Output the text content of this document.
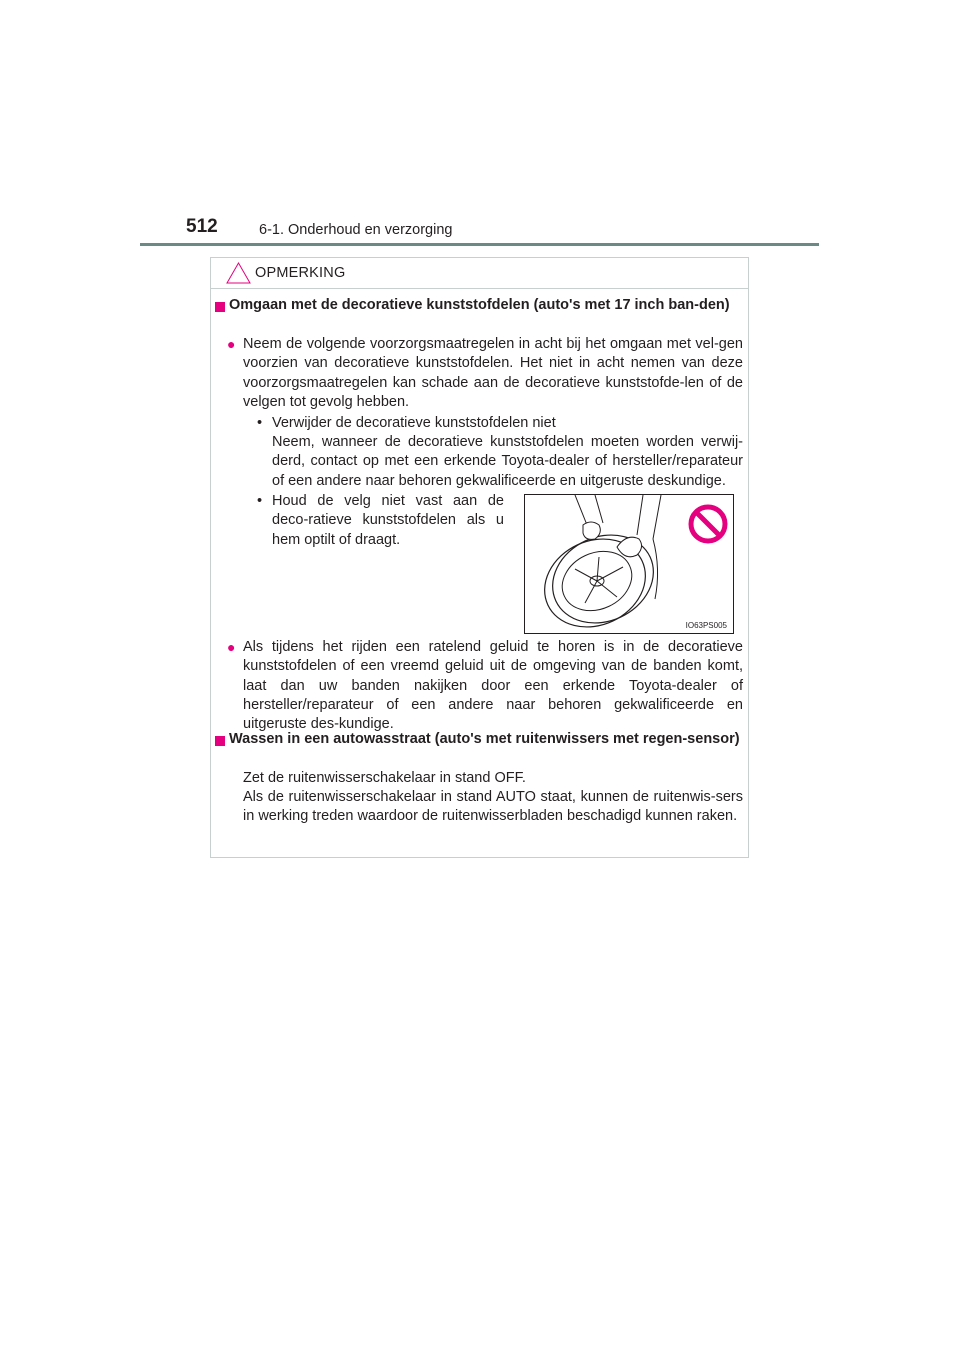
512	6-1. Onderhoud en verzorging
OPMERKING
Omgaan met de decoratieve kunststofdelen (auto's met 17 inch ban-den)
● Neem de volgende voorzorgsmaatregelen in acht bij het omgaan met vel-gen voorzien van decoratieve kunststofdelen. Het niet in acht nemen van deze voorzorgsmaatregelen kan schade aan de decoratieve kunststofde-len of de velgen tot gevolg hebben.
• Verwijder de decoratieve kunststofdelen niet
Neem, wanneer de decoratieve kunststofdelen moeten worden verwij-derd, contact op met een erkende Toyota-dealer of hersteller/reparateur of een andere naar behoren gekwalificeerde en uitgeruste deskundige.
• Houd de velg niet vast aan de deco-ratieve kunststofdelen als u hem optilt of draagt.
IO63PS005
● Als tijdens het rijden een ratelend geluid te horen is in de decoratieve kunststofdelen of een vreemd geluid uit de omgeving van de banden komt, laat dan uw banden nakijken door een erkende Toyota-dealer of hersteller/reparateur of een andere naar behoren gekwalificeerde en uitgeruste des-kundige.
Wassen in een autowasstraat (auto's met ruitenwissers met regen-sensor)
Zet de ruitenwisserschakelaar in stand OFF.
Als de ruitenwisserschakelaar in stand AUTO staat, kunnen de ruitenwis-sers in werking treden waardoor de ruitenwisserbladen beschadigd kunnen raken.
